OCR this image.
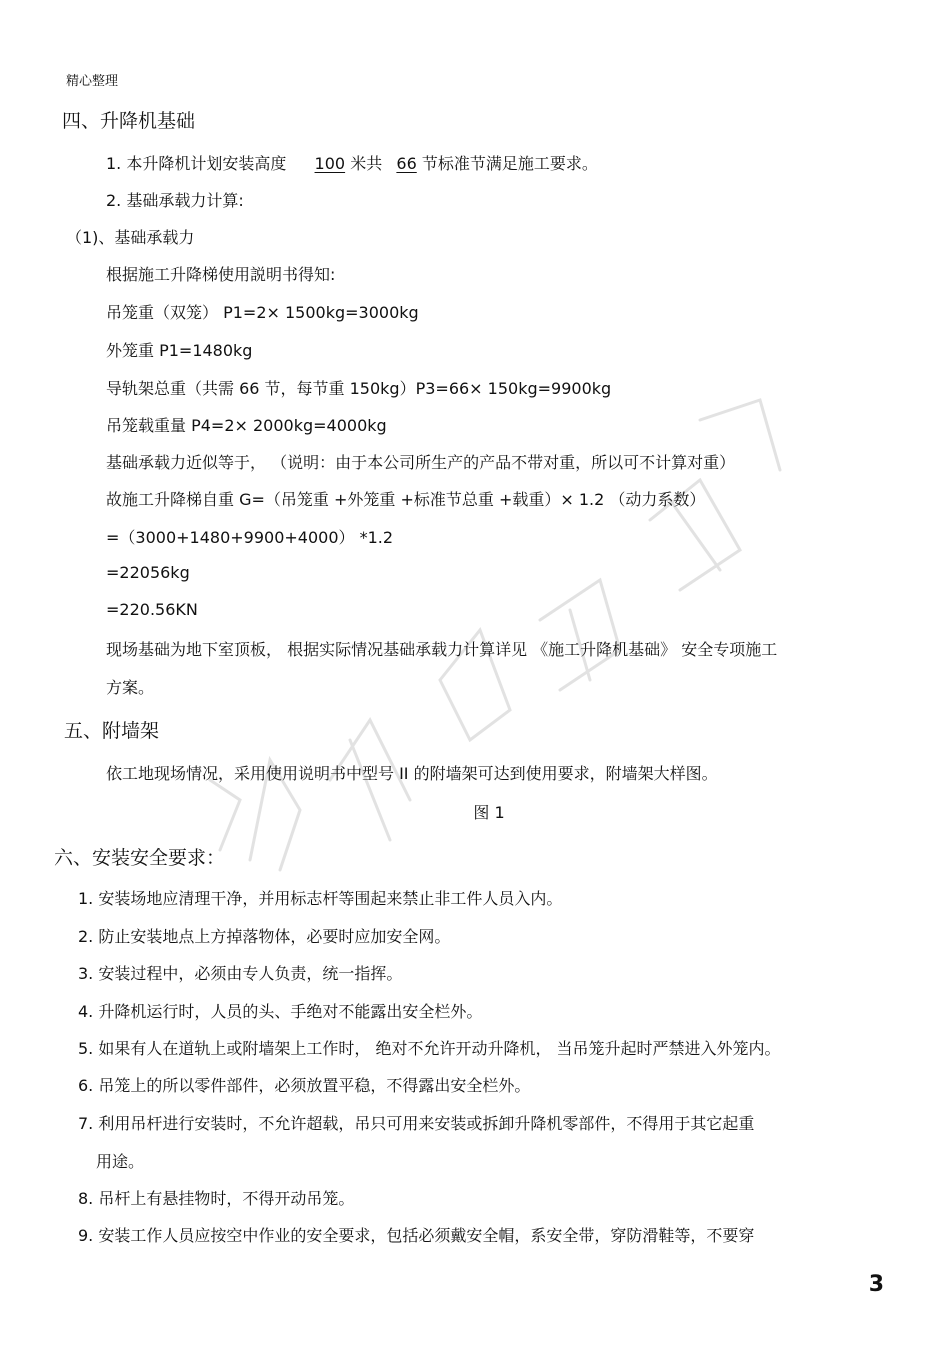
精心整理
四、升降机基础
1. 本升降机计划安装高度 100 米共 66 节标准节满足施工要求。
2. 基础承载力计算:
（1)、基础承载力
根据施工升降梯使用説明书得知:
吊笼重（双笼） P1=2× 1500kg=3000kg
外笼重 P1=1480kg
导轨架总重（共需 66 节，每节重 150kg）P3=66× 150kg=9900kg
吊笼载重量 P4=2× 2000kg=4000kg
基础承载力近似等于， （说明：由于本公司所生产的产品不带对重，所以可不计算对重）
故施工升降梯自重 G=（吊笼重 +外笼重 +标准节总重 +载重）× 1.2 （动力系数）
=（3000+1480+9900+4000） *1.2
=22056kg
=220.56KN
现场基础为地下室顶板， 根据实际情况基础承载力计算详见 《施工升降机基础》 安全专项施工
方案。
五、附墙架
依工地现场情况，采用使用说明书中型号 II 的附墙架可达到使用要求，附墙架大样图。
图 1
六、安装安全要求：
1. 安装场地应清理干净，并用标志杆等围起来禁止非工件人员入内。
2. 防止安装地点上方掉落物体，必要时应加安全网。
3. 安装过程中，必须由专人负责，统一指挥。
4. 升降机运行时，人员的头、手绝对不能露出安全栏外。
5. 如果有人在道轨上或附墙架上工作时， 绝对不允许开动升降机， 当吊笼升起时严禁进入外笼内。
6. 吊笼上的所以零件部件，必须放置平稳，不得露出安全栏外。
7. 利用吊杆进行安装时，不允许超载，吊只可用来安装或拆卸升降机零部件，不得用于其它起重
用途。
8. 吊杆上有悬挂物时，不得开动吊笼。
9. 安装工作人员应按空中作业的安全要求，包括必须戴安全帽，系安全带，穿防滑鞋等，不要穿
3
